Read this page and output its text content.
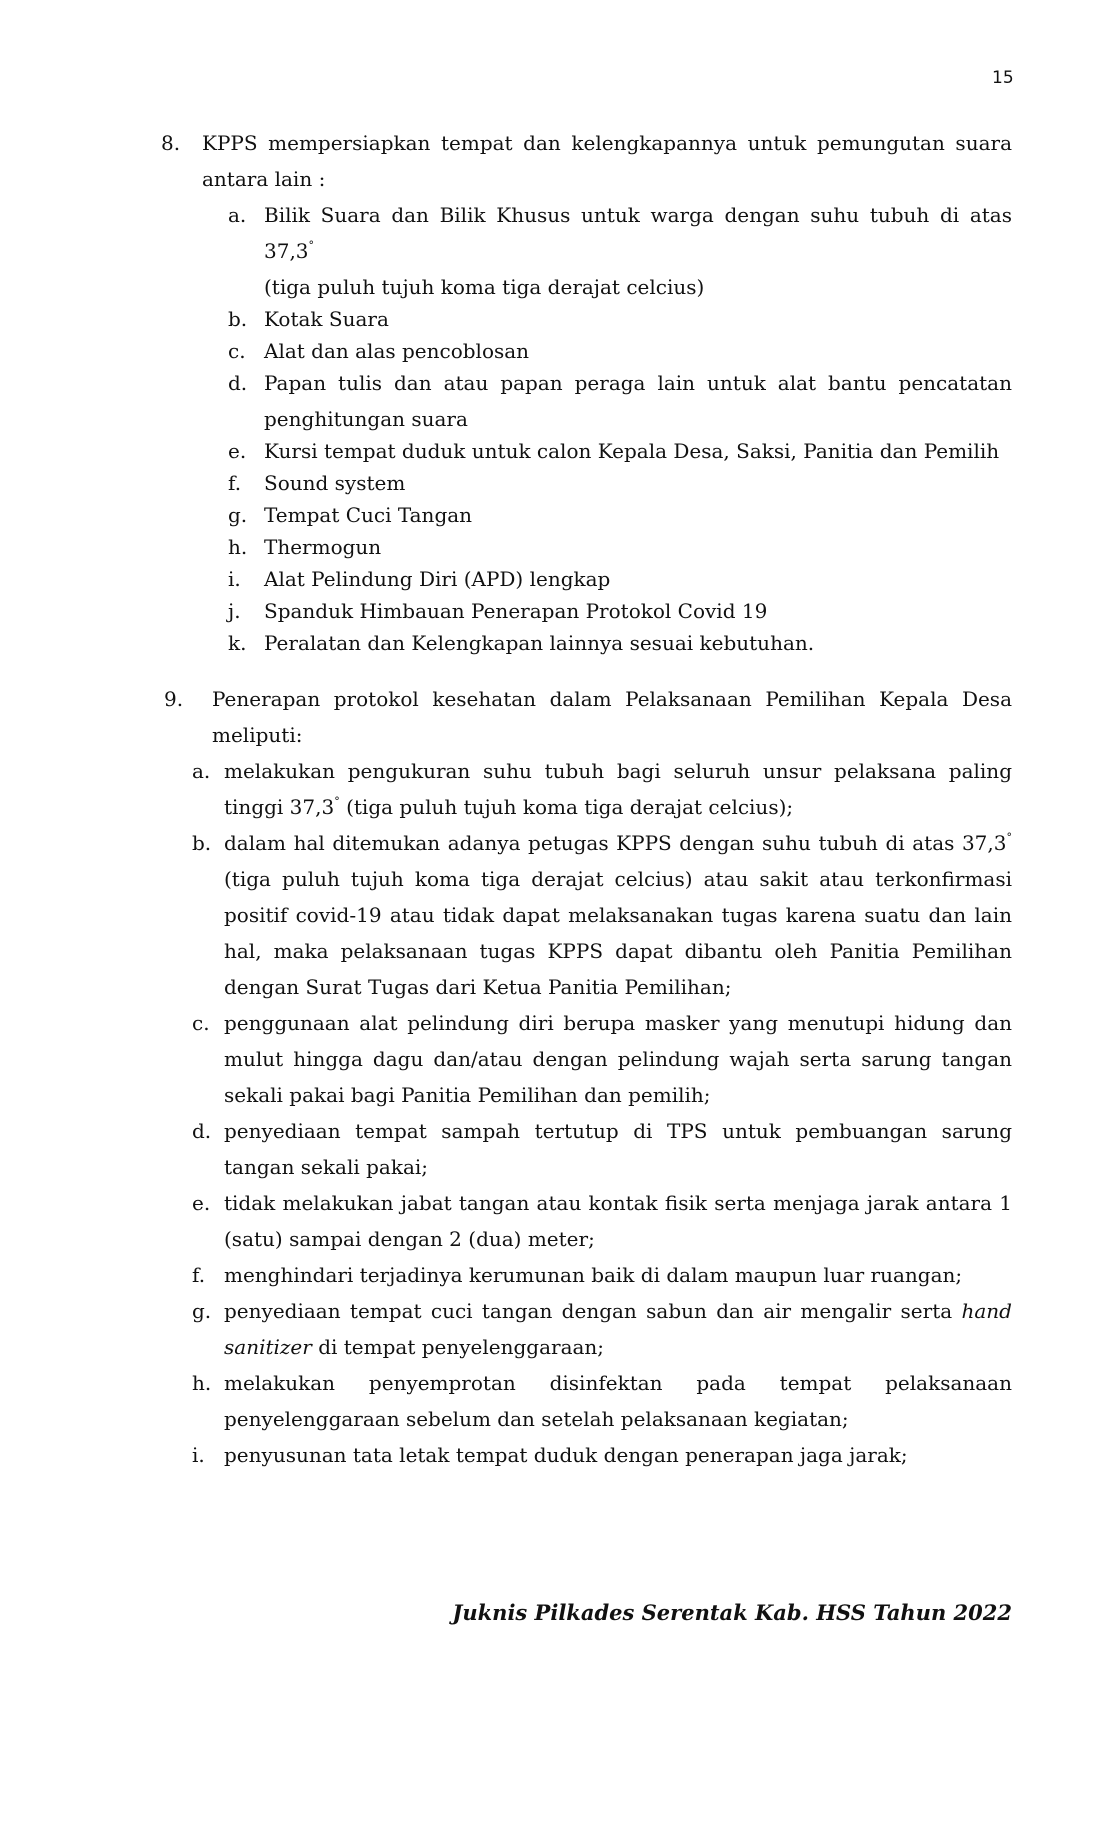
15
8. KPPS mempersiapkan tempat dan kelengkapannya untuk pemungutan suara antara lain :
a. Bilik Suara dan Bilik Khusus untuk warga dengan suhu tubuh di atas 37,3°
(tiga puluh tujuh koma tiga derajat celcius)
b. Kotak Suara
c. Alat dan alas pencoblosan
d. Papan tulis dan atau papan peraga lain untuk alat bantu pencatatan penghitungan suara
e. Kursi tempat duduk untuk calon Kepala Desa, Saksi, Panitia dan Pemilih
f. Sound system
g. Tempat Cuci Tangan
h. Thermogun
i. Alat Pelindung Diri (APD) lengkap
j. Spanduk Himbauan Penerapan Protokol Covid 19
k. Peralatan dan Kelengkapan lainnya sesuai kebutuhan.
9. Penerapan protokol kesehatan dalam Pelaksanaan Pemilihan Kepala Desa meliputi:
a. melakukan pengukuran suhu tubuh bagi seluruh unsur pelaksana paling tinggi 37,3° (tiga puluh tujuh koma tiga derajat celcius);
b. dalam hal ditemukan adanya petugas KPPS dengan suhu tubuh di atas 37,3° (tiga puluh tujuh koma tiga derajat celcius) atau sakit atau terkonfirmasi positif covid-19 atau tidak dapat melaksanakan tugas karena suatu dan lain hal, maka pelaksanaan tugas KPPS dapat dibantu oleh Panitia Pemilihan dengan Surat Tugas dari Ketua Panitia Pemilihan;
c. penggunaan alat pelindung diri berupa masker yang menutupi hidung dan mulut hingga dagu dan/atau dengan pelindung wajah serta sarung tangan sekali pakai bagi Panitia Pemilihan dan pemilih;
d. penyediaan tempat sampah tertutup di TPS untuk pembuangan sarung tangan sekali pakai;
e. tidak melakukan jabat tangan atau kontak fisik serta menjaga jarak antara 1 (satu) sampai dengan 2 (dua) meter;
f. menghindari terjadinya kerumunan baik di dalam maupun luar ruangan;
g. penyediaan tempat cuci tangan dengan sabun dan air mengalir serta hand sanitizer di tempat penyelenggaraan;
h. melakukan penyemprotan disinfektan pada tempat pelaksanaan penyelenggaraan sebelum dan setelah pelaksanaan kegiatan;
i. penyusunan tata letak tempat duduk dengan penerapan jaga jarak;
Juknis Pilkades Serentak Kab. HSS Tahun 2022
